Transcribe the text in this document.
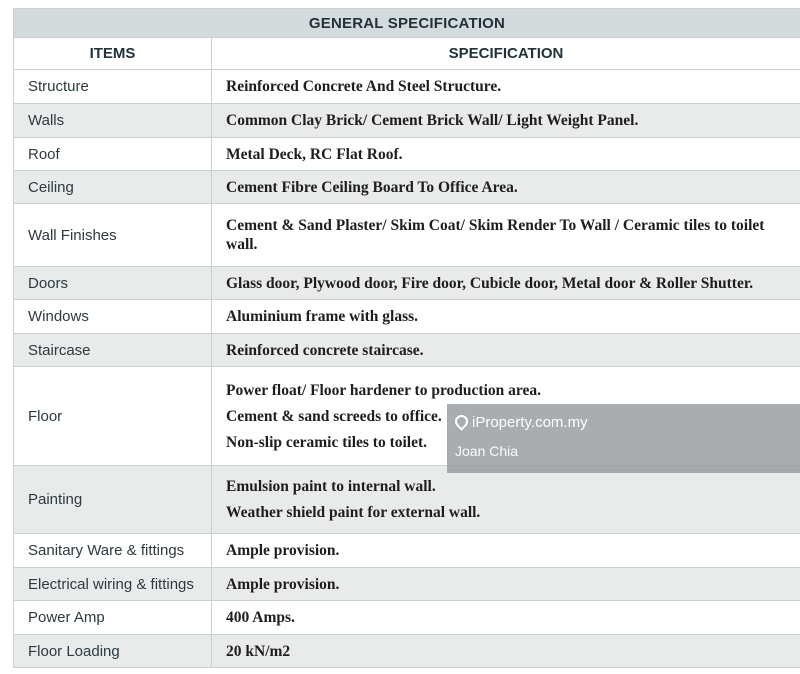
GENERAL SPECIFICATION	
ITEMS	SPECIFICATION
Structure	Reinforced Concrete And Steel Structure.

Walls	Common Clay Brick/ Cement Brick Wall/ Light Weight Panel.

Roof	Metal Deck, RC Flat Roof.

Ceiling	Cement Fibre Ceiling Board To Office Area.

Wall Finishes	Cement & Sand Plaster/ Skim Coat/ Skim Render To Wall / Ceramic tiles to toilet wall.

Doors	Glass door, Plywood door, Fire door, Cubicle door, Metal door & Roller Shutter.

Windows	Aluminium frame with glass.

Staircase	Reinforced concrete staircase.

Floor	Power float/ Floor hardener to production area.
Cement & sand screeds to office.
Non-slip ceramic tiles to toilet.

Painting	Emulsion paint to internal wall.
Weather shield paint for external wall.

Sanitary Ware & fittings	Ample provision.

Electrical wiring & fittings	Ample provision.

Power Amp	400 Amps.

Floor Loading	20 kN/m2
iProperty.com.my
Joan Chia
